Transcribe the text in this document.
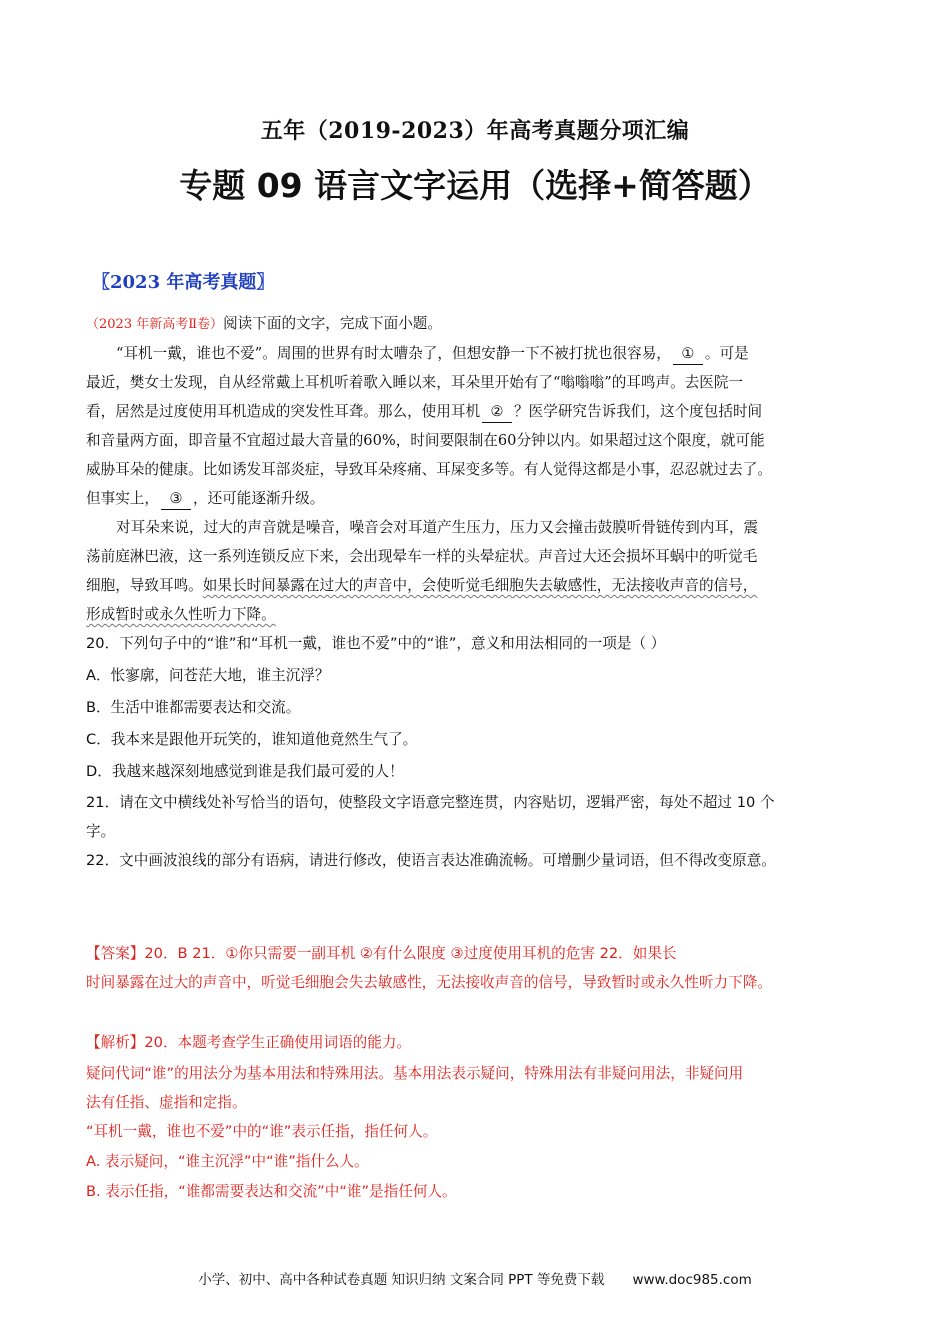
五年（2019-2023）年高考真题分项汇编
专题 09 语言文字运用（选择+简答题）
〖2023 年高考真题〗
（2023 年新高考Ⅱ卷）阅读下面的文字，完成下面小题。
“耳机一戴，谁也不爱”。周围的世界有时太嘈杂了，但想安静一下不被打扰也很容易， ① 。可是
最近，樊女士发现，自从经常戴上耳机听着歌入睡以来，耳朵里开始有了“嗡嗡嗡”的耳鸣声。去医院一
看，居然是过度使用耳机造成的突发性耳聋。那么，使用耳机 ② ？医学研究告诉我们，这个度包括时间
和音量两方面，即音量不宜超过最大音量的60%，时间要限制在60分钟以内。如果超过这个限度，就可能
威胁耳朵的健康。比如诱发耳部炎症，导致耳朵疼痛、耳屎变多等。有人觉得这都是小事，忍忍就过去了。
但事实上， ③ ，还可能逐渐升级。
对耳朵来说，过大的声音就是噪音，噪音会对耳道产生压力，压力又会撞击鼓膜听骨链传到内耳，震
荡前庭淋巴液，这一系列连锁反应下来，会出现晕车一样的头晕症状。声音过大还会损坏耳蜗中的听觉毛
细胞，导致耳鸣。如果长时间暴露在过大的声音中，会使听觉毛细胞失去敏感性，无法接收声音的信号，
形成暂时或永久性听力下降。
20．下列句子中的“谁”和“耳机一戴，谁也不爱”中的“谁”，意义和用法相同的一项是（ ）
A．怅寥廓，问苍茫大地，谁主沉浮？
B．生活中谁都需要表达和交流。
C．我本来是跟他开玩笑的，谁知道他竟然生气了。
D．我越来越深刻地感觉到谁是我们最可爱的人！
21．请在文中横线处补写恰当的语句，使整段文字语意完整连贯，内容贴切，逻辑严密，每处不超过 10 个
字。
22．文中画波浪线的部分有语病，请进行修改，使语言表达准确流畅。可增删少量词语，但不得改变原意。
【答案】20．B 21．①你只需要一副耳机 ②有什么限度 ③过度使用耳机的危害 22．如果长
时间暴露在过大的声音中，听觉毛细胞会失去敏感性，无法接收声音的信号，导致暂时或永久性听力下降。
【解析】20．本题考查学生正确使用词语的能力。
疑问代词“谁”的用法分为基本用法和特殊用法。基本用法表示疑问，特殊用法有非疑问用法，非疑问用
法有任指、虚指和定指。
“耳机一戴，谁也不爱”中的“谁”表示任指，指任何人。
A. 表示疑问，“谁主沉浮”中“谁”指什么人。
B. 表示任指，“谁都需要表达和交流”中“谁”是指任何人。
小学、初中、高中各种试卷真题 知识归纳 文案合同 PPT 等免费下载 www.doc985.com
